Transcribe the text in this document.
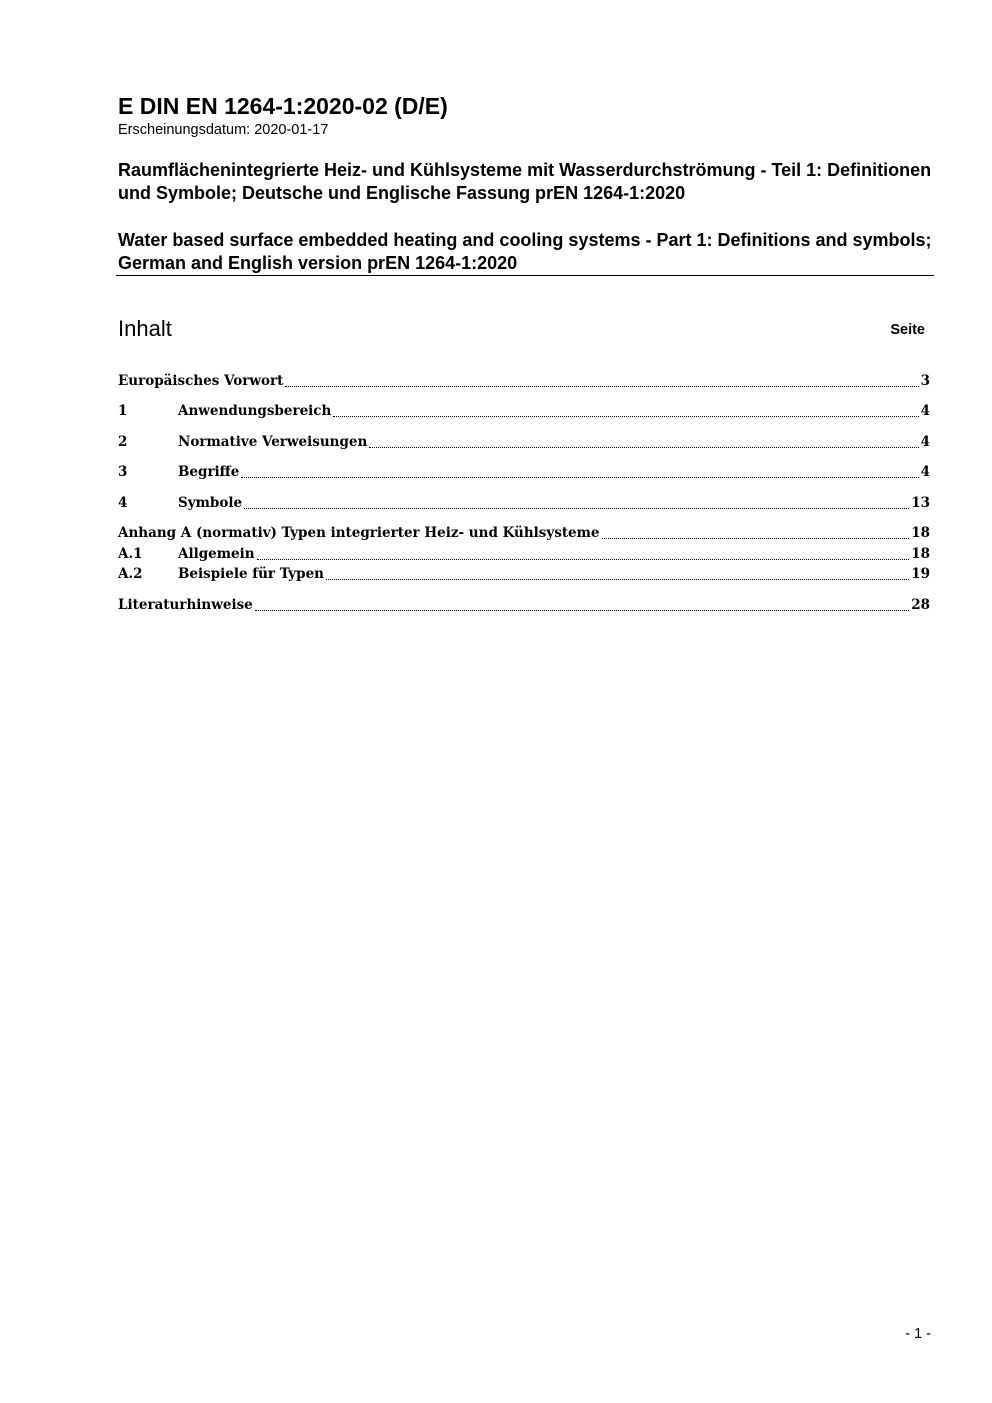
E DIN EN 1264-1:2020-02 (D/E)
Erscheinungsdatum: 2020-01-17
Raumflächenintegrierte Heiz- und Kühlsysteme mit Wasserdurchströmung - Teil 1: Definitionen und Symbole; Deutsche und Englische Fassung prEN 1264-1:2020
Water based surface embedded heating and cooling systems - Part 1: Definitions and symbols; German and English version prEN 1264-1:2020
Inhalt	Seite
Europäisches Vorwort	3
1	Anwendungsbereich	4
2	Normative Verweisungen	4
3	Begriffe	4
4	Symbole	13
Anhang A (normativ) Typen integrierter Heiz- und Kühlsysteme	18
A.1	Allgemein	18
A.2	Beispiele für Typen	19
Literaturhinweise	28
- 1 -
